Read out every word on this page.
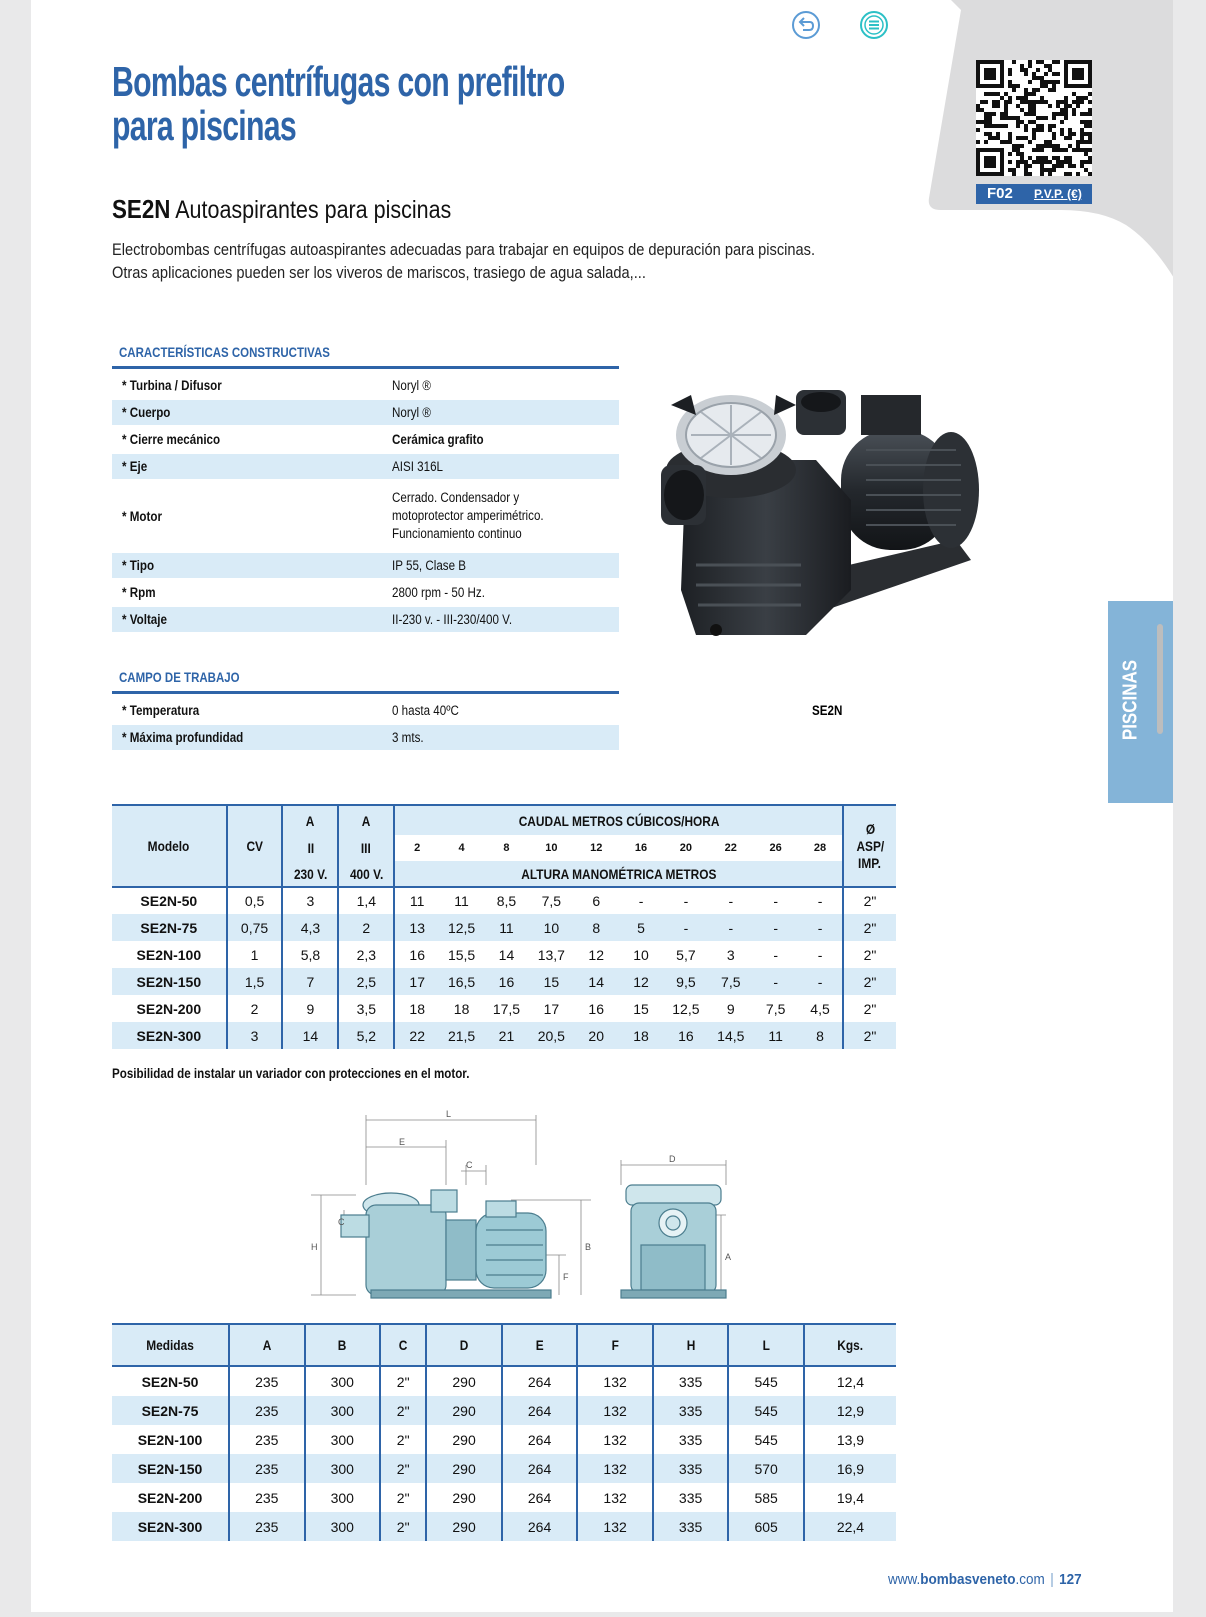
F02 P.V.P. (€)
Bombas centrífugas con prefiltro
para piscinas
SE2N Autoaspirantes para piscinas
Electrobombas centrífugas autoaspirantes adecuadas para trabajar en equipos de depuración para piscinas. Otras aplicaciones pueden ser los viveros de mariscos, trasiego de agua salada,...
CARACTERÍSTICAS CONSTRUCTIVAS
* Turbina / Difusor	Noryl ®
* Cuerpo	Noryl ®
* Cierre mecánico	Cerámica grafito
* Eje	AISI 316L
* Motor	Cerrado. Condensador y
motoprotector amperimétrico.
Funcionamiento continuo
* Tipo	IP 55, Clase B
* Rpm	2800 rpm - 50 Hz.
* Voltaje	II-230 v. - III-230/400 V.
CAMPO DE TRABAJO
* Temperatura	0 hasta 40ºC
* Máxima profundidad	3 mts.
SE2N	PISCINAS
Modelo	CV	A	A	CAUDAL METROS CÚBICOS/HORA										Ø
ASP/
IMP.
		II	III	2	4	8	10	12	16	20	22	26	28	
		230 V.	400 V.	ALTURA MANOMÉTRICA METROS										
SE2N-50	0,5	3	1,4	11	11	8,5	7,5	6	-	-	-	-	-	2"
SE2N-75	0,75	4,3	2	13	12,5	11	10	8	5	-	-	-	-	2"
SE2N-100	1	5,8	2,3	16	15,5	14	13,7	12	10	5,7	3	-	-	2"
SE2N-150	1,5	7	2,5	17	16,5	16	15	14	12	9,5	7,5	-	-	2"
SE2N-200	2	9	3,5	18	18	17,5	17	16	15	12,5	9	7,5	4,5	2"
SE2N-300	3	14	5,2	22	21,5	21	20,5	20	18	16	14,5	11	8	2"
Posibilidad de instalar un variador con protecciones en el motor.
L
E
C
D
H
C
B
F
A
Medidas	A	B	C	D	E	F	H	L	Kgs.
SE2N-50	235	300	2"	290	264	132	335	545	12,4
SE2N-75	235	300	2"	290	264	132	335	545	12,9
SE2N-100	235	300	2"	290	264	132	335	545	13,9
SE2N-150	235	300	2"	290	264	132	335	570	16,9
SE2N-200	235	300	2"	290	264	132	335	585	19,4
SE2N-300	235	300	2"	290	264	132	335	605	22,4
www.bombasveneto.com | 127
